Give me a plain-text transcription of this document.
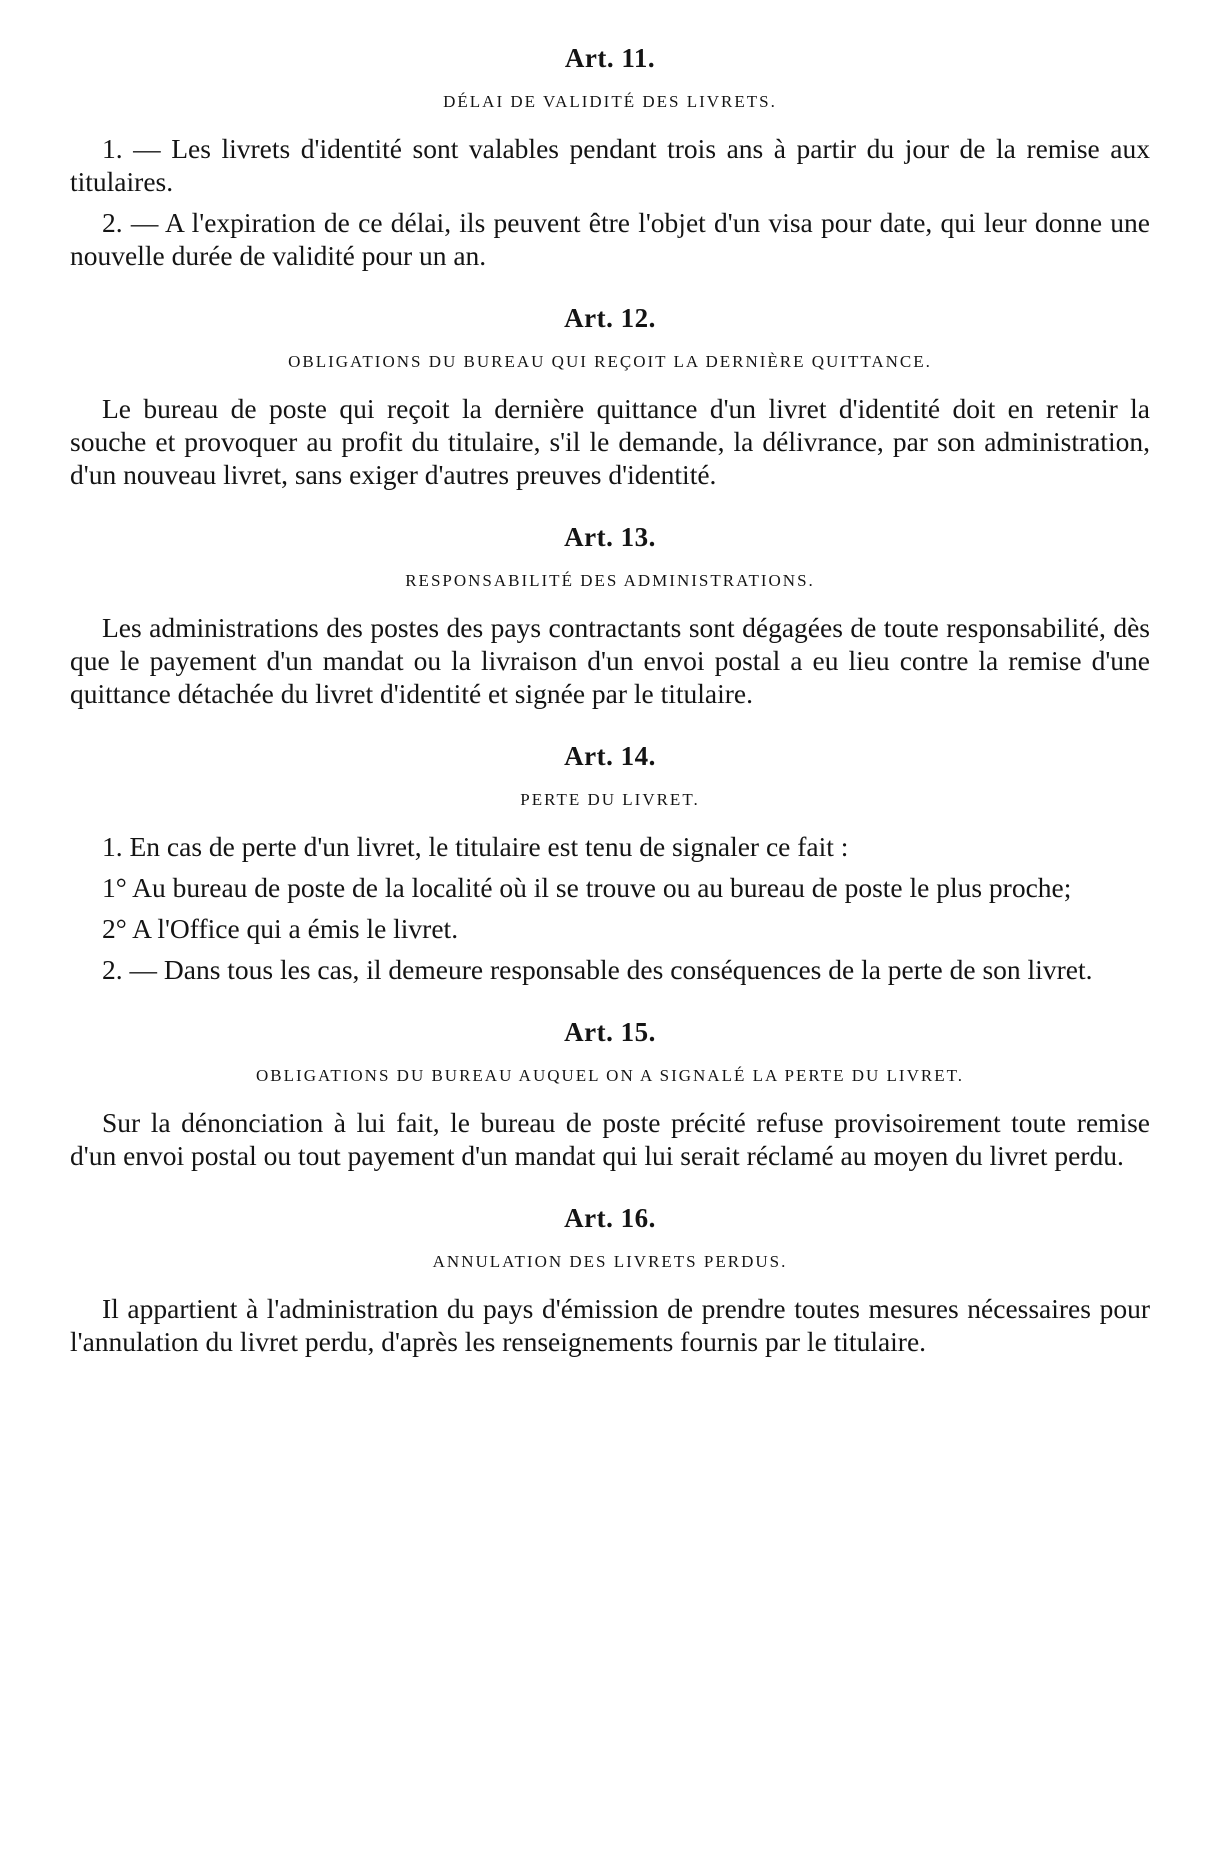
Art. 11.

DÉLAI DE VALIDITÉ DES LIVRETS.

1. — Les livrets d'identité sont valables pendant trois ans à partir du jour de la remise aux titulaires.

2. — A l'expiration de ce délai, ils peuvent être l'objet d'un visa pour date, qui leur donne une nouvelle durée de validité pour un an.

Art. 12.

OBLIGATIONS DU BUREAU QUI REÇOIT LA DERNIÈRE QUITTANCE.

Le bureau de poste qui reçoit la dernière quittance d'un livret d'identité doit en retenir la souche et provoquer au profit du titulaire, s'il le demande, la délivrance, par son administration, d'un nouveau livret, sans exiger d'autres preuves d'identité.

Art. 13.

RESPONSABILITÉ DES ADMINISTRATIONS.

Les administrations des postes des pays contractants sont dégagées de toute responsabilité, dès que le payement d'un mandat ou la livraison d'un envoi postal a eu lieu contre la remise d'une quittance détachée du livret d'identité et signée par le titulaire.

Art. 14.

PERTE DU LIVRET.

1. En cas de perte d'un livret, le titulaire est tenu de signaler ce fait :

1° Au bureau de poste de la localité où il se trouve ou au bureau de poste le plus proche;

2° A l'Office qui a émis le livret.

2. — Dans tous les cas, il demeure responsable des conséquences de la perte de son livret.

Art. 15.

OBLIGATIONS DU BUREAU AUQUEL ON A SIGNALÉ LA PERTE DU LIVRET.

Sur la dénonciation à lui fait, le bureau de poste précité refuse provisoirement toute remise d'un envoi postal ou tout payement d'un mandat qui lui serait réclamé au moyen du livret perdu.

Art. 16.

ANNULATION DES LIVRETS PERDUS.

Il appartient à l'administration du pays d'émission de prendre toutes mesures nécessaires pour l'annulation du livret perdu, d'après les renseignements fournis par le titulaire.
